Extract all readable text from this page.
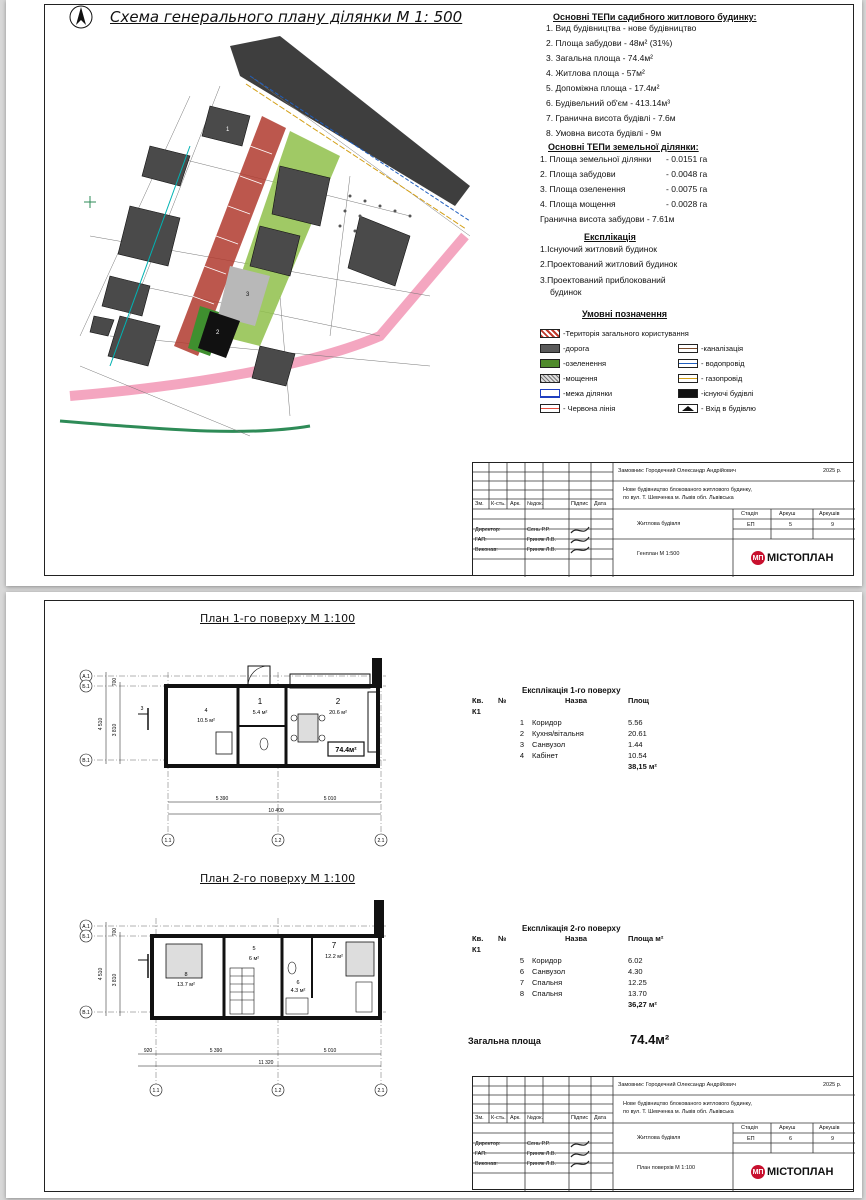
Схема генерального плану ділянки М 1: 500
1
2
3
Основні ТЕПи садибного житлового будинку:
1. Вид будівництва - нове будівництво
2. Площа забудови - 48м² (31%)
3. Загальна площа - 74.4м²
4. Житлова площа - 57м²
5. Допоміжна площа - 17.4м²
6. Будівельний об'єм - 413.14м³
7. Гранична висота будівлі - 7.6м
8. Умовна висота будівлі - 9м
Основні ТЕПи земельної ділянки:
1. Площа земельної ділянки	- 0.0151 га
2. Площа забудови	- 0.0048 га
3. Площа озеленення	- 0.0075 га
4. Площа мощення	- 0.0028 га
Гранична висота забудови - 7.61м
Експлікація
1.Існуючий житловий будинок
2.Проектований житловий будинок
3.Проектований приблокований
будинок
Умовні позначення
-Територія загального користування
-дорога
-озеленення
-мощення
-межа ділянки
- Червона лінія
-каналізація
- водопровід
- газопровід
-існуючі будівлі
- Вхід в будівлю
Замовник: Городечний Олександр Андрійович	2025 р.
Нове будівництво блокованого житлового будинку,
по вул. Т. Шевченка м. Львів обл. Львівська
Зм. К-сть. Арк. №док.	Підпис Дата
Директор:	Сень Р.Р.
ГАП:	Гриняк Л.В.
Виконав:	Гриняк Л.В.
Житлова будівля
Стадія	Аркуш	Аркушів
ЕП	5	9
Генплан М 1:500
МП МІСТОПЛАН
План 1-го поверху М 1:100
План 2-го поверху М 1:100
А.1
Б.1
В.1
1.1	1.2	2.1
5 390	5 010
10 400
4 510 3 810
700
3	4
10.5 м²
1
5.4 м²
2
20.6 м²
74.4м²
А.1
Б.1
В.1
1.1	1.2	2.1
920	5 390	5 010
11 320
4 510 3 810
700
8
13.7 м²
5
6 м²
6
4.3 м²
7
12.2 м²
Експлікація 1-го поверху
Кв.	№	Назва	Площ
К1			
	1	Коридор	5.56
	2	Кухня/вітальня	20.61
	3	Санвузол	1.44
	4	Кабінет	10.54
			38,15 м²
Експлікація 2-го поверху
Кв.	№	Назва	Площа м²
К1			
	5	Коридор	6.02
	6	Санвузол	4.30
	7	Спальня	12.25
	8	Спальня	13.70
			36,27 м²
Загальна площа	74.4м²
Замовник: Городечний Олександр Андрійович	2025 р.
Нове будівництво блокованого житлового будинку,
по вул. Т. Шевченка м. Львів обл. Львівська
Зм. К-сть. Арк. №док.	Підпис Дата
Директор:	Сень Р.Р.
ГАП:	Гриняк Л.В.
Виконав:	Гриняк Л.В.
Житлова будівля
Стадія	Аркуш	Аркушів
ЕП	6	9
План поверхів М 1:100
МП МІСТОПЛАН
